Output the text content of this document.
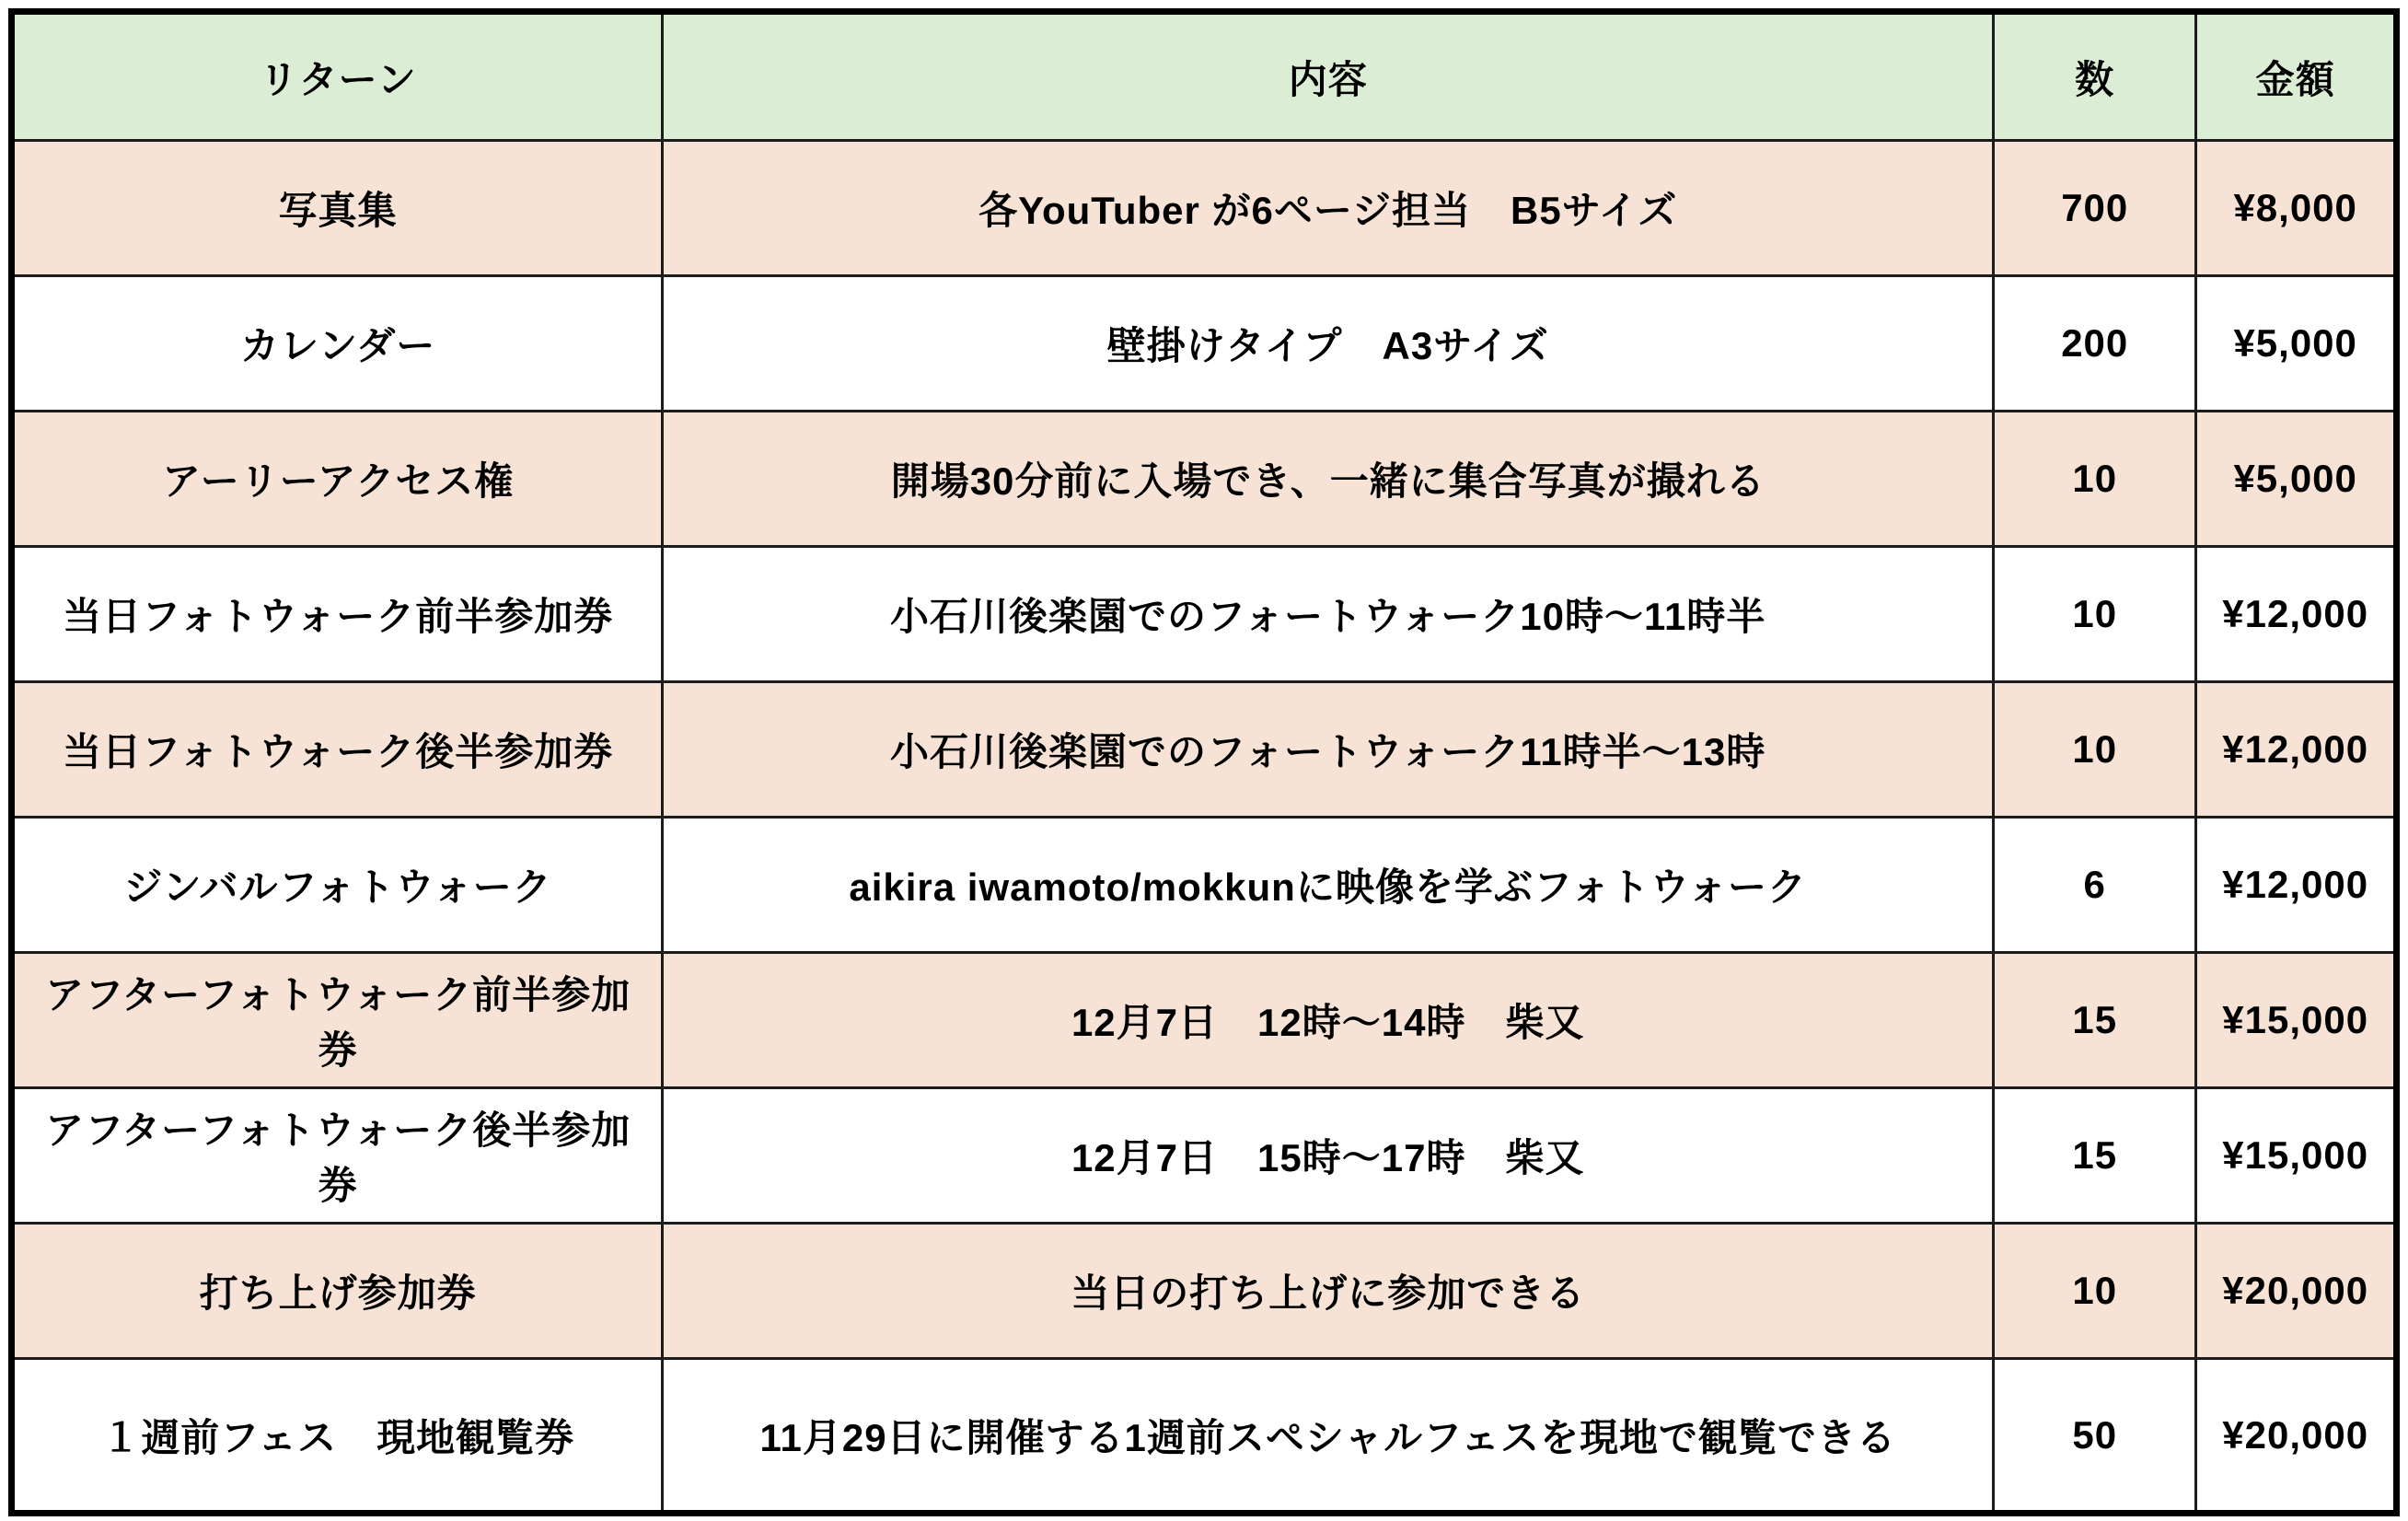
リターン	内容	数	金額
写真集	各YouTuber が6ページ担当　B5サイズ	700	¥8,000
カレンダー	壁掛けタイプ　A3サイズ	200	¥5,000
アーリーアクセス権	開場30分前に入場でき、一緒に集合写真が撮れる	10	¥5,000
当日フォトウォーク前半参加券	小石川後楽園でのフォートウォーク10時〜11時半	10	¥12,000
当日フォトウォーク後半参加券	小石川後楽園でのフォートウォーク11時半〜13時	10	¥12,000
ジンバルフォトウォーク	aikira iwamoto/mokkunに映像を学ぶフォトウォーク	6	¥12,000
アフターフォトウォーク前半参加券	12月7日　12時〜14時　柴又	15	¥15,000
アフターフォトウォーク後半参加券	12月7日　15時〜17時　柴又	15	¥15,000
打ち上げ参加券	当日の打ち上げに参加できる	10	¥20,000
１週前フェス　現地観覧券	11月29日に開催する1週前スペシャルフェスを現地で観覧できる	50	¥20,000
